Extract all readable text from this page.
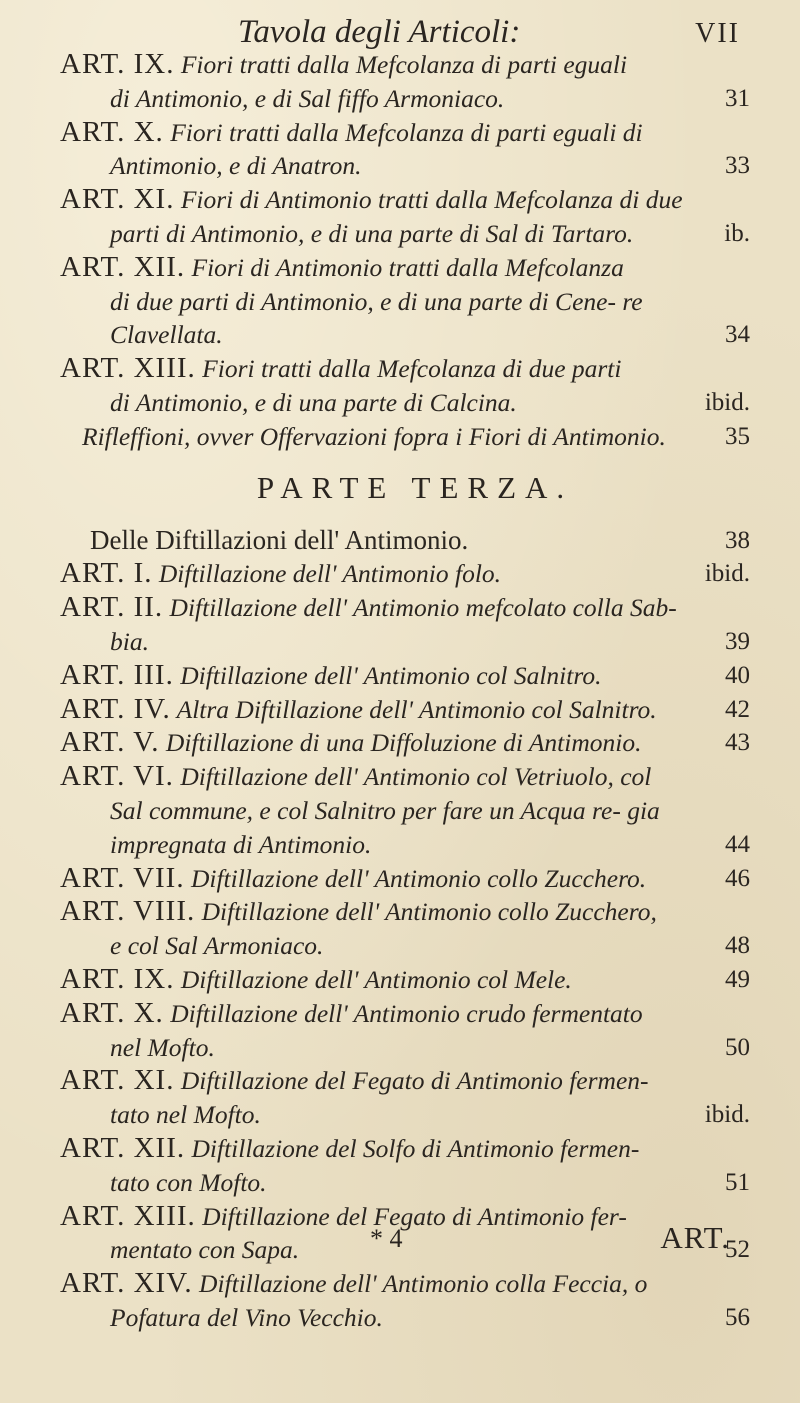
Tavola degli Articoli:	VII
ART. IX. Fiori tratti dalla Mefcolanza di parti eguali
di Antimonio, e di Sal fiffo Armoniaco.	31
ART. X. Fiori tratti dalla Mefcolanza di parti eguali di
Antimonio, e di Anatron.	33
ART. XI. Fiori di Antimonio tratti dalla Mefcolanza di due
parti di Antimonio, e di una parte di Sal di Tartaro.	ib.
ART. XII. Fiori di Antimonio tratti dalla Mefcolanza
di due parti di Antimonio, e di una parte di Cene- re Clavellata.	34
ART. XIII. Fiori tratti dalla Mefcolanza di due parti
di Antimonio, e di una parte di Calcina.	ibid.
Rifleffioni, ovver Offervazioni fopra i Fiori di Antimonio. 35
PARTE TERZA.
Delle Diftillazioni dell' Antimonio.	38
ART. I. Diftillazione dell' Antimonio folo.	ibid.
ART. II. Diftillazione dell' Antimonio mefcolato colla Sab-
bia.	39
ART. III. Diftillazione dell' Antimonio col Salnitro.	40
ART. IV. Altra Diftillazione dell' Antimonio col Salnitro.	42
ART. V. Diftillazione di una Diffoluzione di Antimonio.	43
ART. VI. Diftillazione dell' Antimonio col Vetriuolo, col
Sal commune, e col Salnitro per fare un Acqua re- gia impregnata di Antimonio.	44
ART. VII. Diftillazione dell' Antimonio collo Zucchero.	46
ART. VIII. Diftillazione dell' Antimonio collo Zucchero,
e col Sal Armoniaco.	48
ART. IX. Diftillazione dell' Antimonio col Mele.	49
ART. X. Diftillazione dell' Antimonio crudo fermentato
nel Mofto.	50
ART. XI. Diftillazione del Fegato di Antimonio fermen-
tato nel Mofto.	ibid.
ART. XII. Diftillazione del Solfo di Antimonio fermen-
tato con Mofto.	51
ART. XIII. Diftillazione del Fegato di Antimonio fer-
mentato con Sapa.	52
ART. XIV. Diftillazione dell' Antimonio colla Feccia, o
Pofatura del Vino Vecchio.	56
* 4	ART.
